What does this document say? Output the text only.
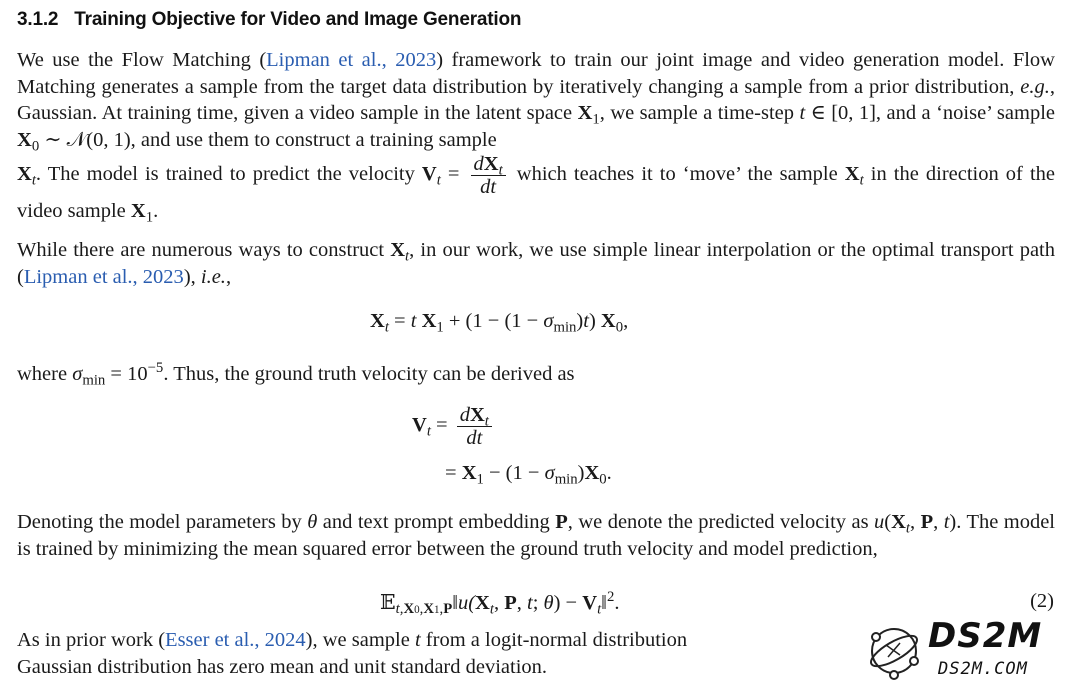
3.1.2 Training Objective for Video and Image Generation
We use the Flow Matching (Lipman et al., 2023) framework to train our joint image and video generation model. Flow Matching generates a sample from the target data distribution by iteratively changing a sample from a prior distribution, e.g., Gaussian. At training time, given a video sample in the latent space $X_1$, we sample a time-step t ∈ [0, 1], and a ‘noise’ sample $X_0$ ∼ 𝒩(0, 1), and use them to construct a training sample
$X_t$. The model is trained to predict the velocity $V_t = \frac{dX_t}{dt}$ which teaches it to ‘move’ the sample $X_t$ in the direction of the video sample $X_1$.
While there are numerous ways to construct $X_t$, in our work, we use simple linear interpolation or the optimal transport path (Lipman et al., 2023), i.e.,
$X_t = t$ $X_1 + (1 - (1 - \sigma_{min})t)$ $X_0$,
where $\sigma_{min} = 10^{-5}$. Thus, the ground truth velocity can be derived as
$V_t = \frac{dX_t}{dt}$
= $X_1 - (1 - \sigma_{min})X_0$.
Denoting the model parameters by θ and text prompt embedding P, we denote the predicted velocity as $u(X_t$, P, t). The model is trained by minimizing the mean squared error between the ground truth velocity and model prediction,
$𝔼_{t,X0,X1,P}‖u(X_t$, P, t; $\theta) - V_t‖^2$.	(2)
As in prior work (Esser et al., 2024), we sample t from a logit-normal distribution
Gaussian distribution has zero mean and unit standard deviation.
DS2M
DS2M.COM
